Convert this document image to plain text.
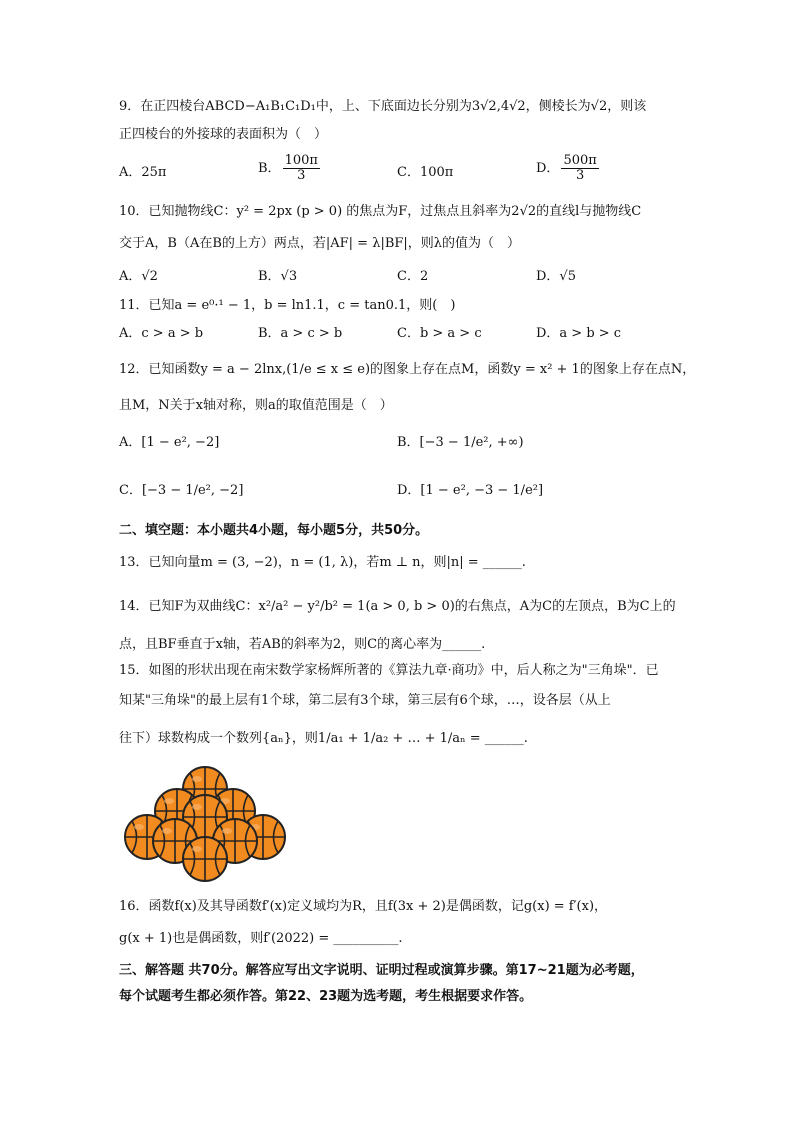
9．在正四棱台ABCD−A₁B₁C₁D₁中，上、下底面边长分别为3√2,4√2，侧棱长为√2，则该
正四棱台的外接球的表面积为（　）
A．25π	B． $\frac{100\pi}{3}$	C．100π	D． $\frac{500\pi}{3}$
10．已知抛物线C：y² = 2px (p > 0) 的焦点为F，过焦点且斜率为2√2的直线l与抛物线C
交于A，B（A在B的上方）两点，若|AF| = λ|BF|，则λ的值为（　）
A．√2	B．√3	C．2	D．√5
11．已知a = e⁰·¹ − 1，b = ln1.1，c = tan0.1，则(　)
A．c > a > b	B．a > c > b	C．b > a > c	D．a > b > c
12．已知函数y = a − 2lnx,(1/e ≤ x ≤ e)的图象上存在点M，函数y = x² + 1的图象上存在点N，
且M，N关于x轴对称，则a的取值范围是（　）
A．[1 − e², −2]	B．[−3 − 1/e², +∞)
C．[−3 − 1/e², −2]	D．[1 − e², −3 − 1/e²]
二、填空题：本小题共4小题，每小题5分，共50分。
13．已知向量m = (3, −2)，n = (1, λ)，若m ⊥ n，则|n| = ______.
14．已知F为双曲线C：x²/a² − y²/b² = 1(a > 0, b > 0)的右焦点，A为C的左顶点，B为C上的
点，且BF垂直于x轴，若AB的斜率为2，则C的离心率为______.
15．如图的形状出现在南宋数学家杨辉所著的《算法九章·商功》中，后人称之为"三角垛"．已
知某"三角垛"的最上层有1个球，第二层有3个球，第三层有6个球，…，设各层（从上
往下）球数构成一个数列{aₙ}，则1/a₁ + 1/a₂ + … + 1/aₙ = ______.
16．函数f(x)及其导函数f′(x)定义域均为R，且f(3x + 2)是偶函数，记g(x) = f′(x)，
g(x + 1)也是偶函数，则f′(2022) = __________.
三、解答题 共70分。解答应写出文字说明、证明过程或演算步骤。第17~21题为必考题，
每个试题考生都必须作答。第22、23题为选考题，考生根据要求作答。
